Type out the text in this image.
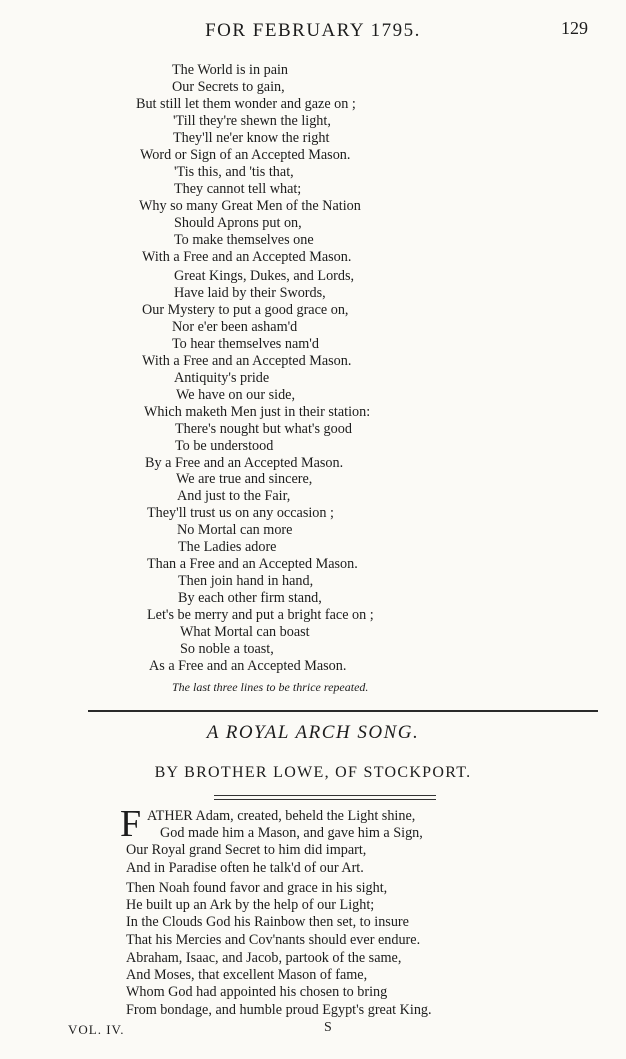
FOR FEBRUARY 1795.	129
The World is in pain
Our Secrets to gain,
But still let them wonder and gaze on ;
'Till they're shewn the light,
They'll ne'er know the right
Word or Sign of an Accepted Mason.
'Tis this, and 'tis that,
They cannot tell what;
Why so many Great Men of the Nation
Should Aprons put on,
To make themselves one
With a Free and an Accepted Mason.
Great Kings, Dukes, and Lords,
Have laid by their Swords,
Our Mystery to put a good grace on,
Nor e'er been asham'd
To hear themselves nam'd
With a Free and an Accepted Mason.
Antiquity's pride
We have on our side,
Which maketh Men just in their station:
There's nought but what's good
To be understood
By a Free and an Accepted Mason.
We are true and sincere,
And just to the Fair,
They'll trust us on any occasion ;
No Mortal can more
The Ladies adore
Than a Free and an Accepted Mason.
Then join hand in hand,
By each other firm stand,
Let's be merry and put a bright face on ;
What Mortal can boast
So noble a toast,
As a Free and an Accepted Mason.
The last three lines to be thrice repeated.
A ROYAL ARCH SONG.
BY BROTHER LOWE, OF STOCKPORT.
F ATHER Adam, created, beheld the Light shine,
God made him a Mason, and gave him a Sign,
Our Royal grand Secret to him did impart,
And in Paradise often he talk'd of our Art.
Then Noah found favor and grace in his sight,
He built up an Ark by the help of our Light;
In the Clouds God his Rainbow then set, to insure
That his Mercies and Cov'nants should ever endure.
Abraham, Isaac, and Jacob, partook of the same,
And Moses, that excellent Mason of fame,
Whom God had appointed his chosen to bring
From bondage, and humble proud Egypt's great King.
VOL. IV.	S
